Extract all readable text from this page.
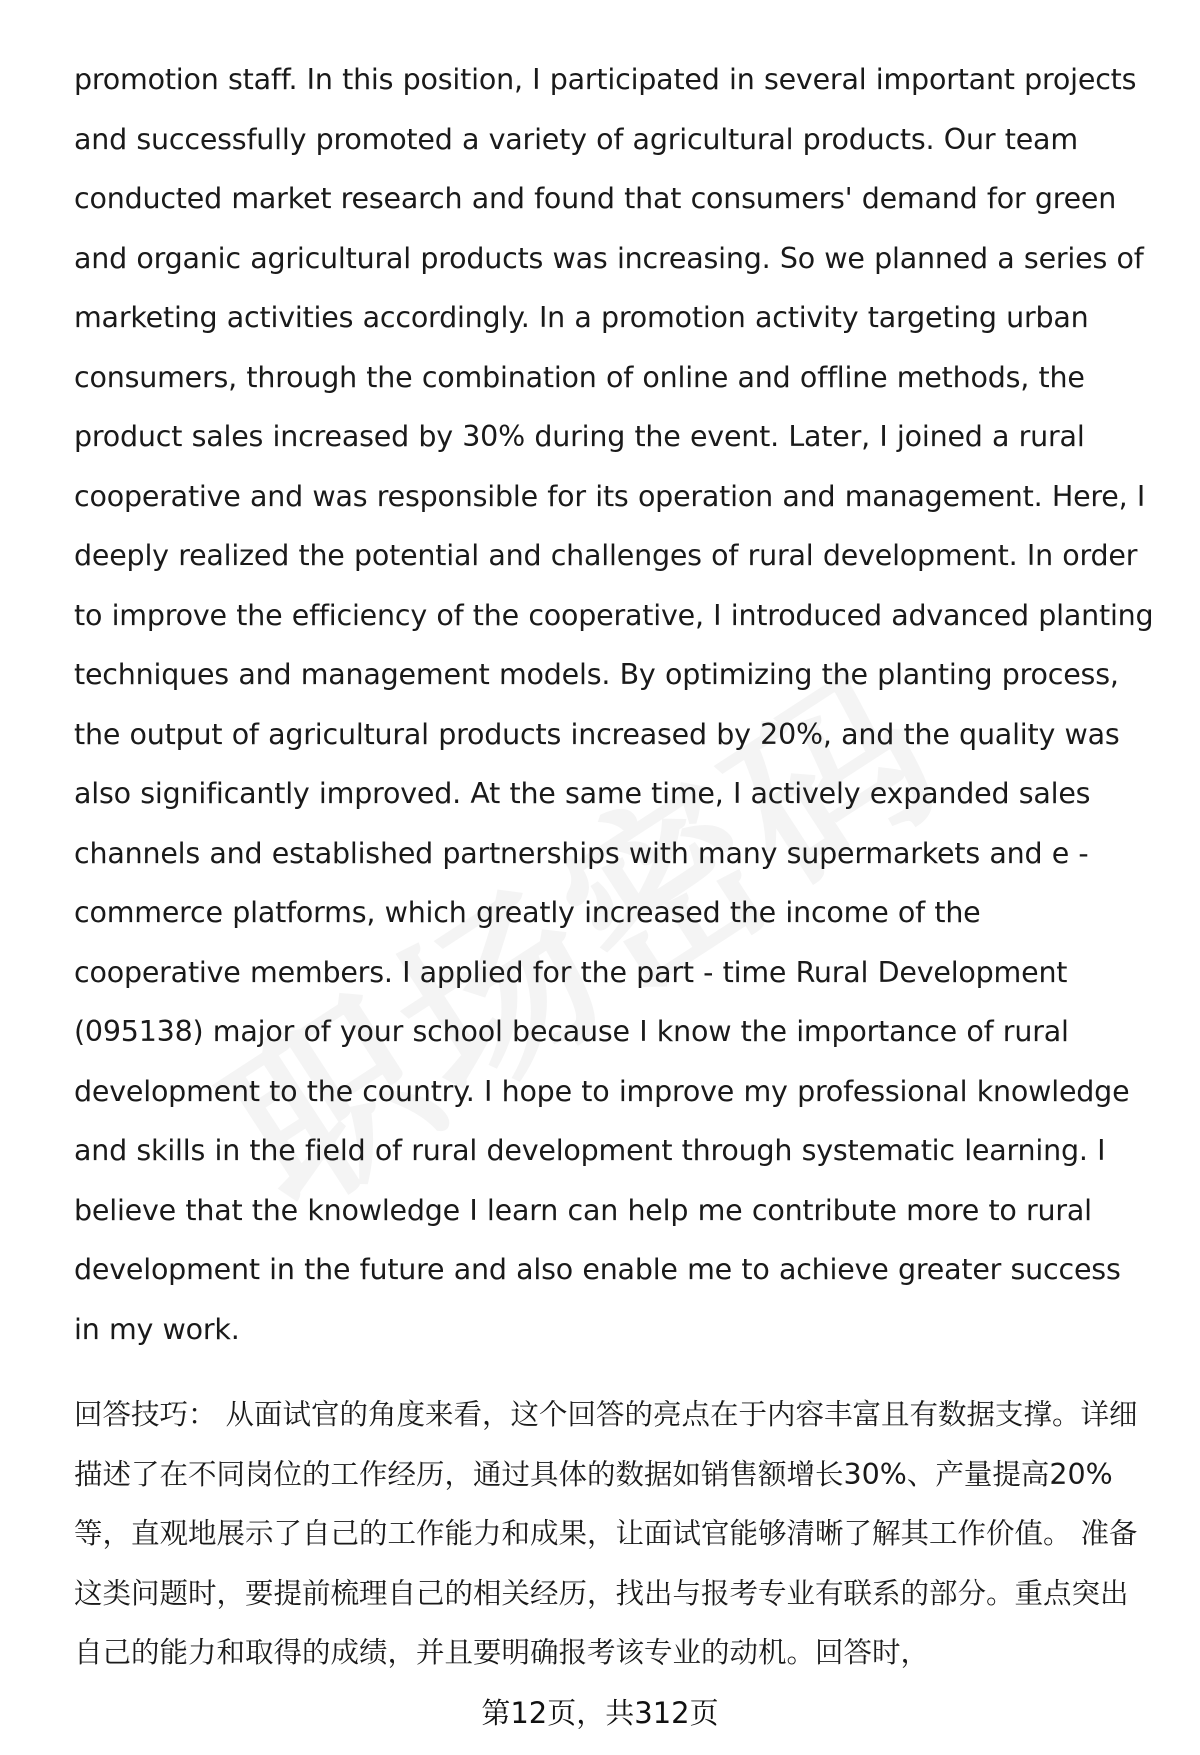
promotion staff. In this position, I participated in several important projects and successfully promoted a variety of agricultural products. Our team conducted market research and found that consumers' demand for green and organic agricultural products was increasing. So we planned a series of marketing activities accordingly. In a promotion activity targeting urban consumers, through the combination of online and offline methods, the product sales increased by 30% during the event. Later, I joined a rural cooperative and was responsible for its operation and management. Here, I deeply realized the potential and challenges of rural development. In order to improve the efficiency of the cooperative, I introduced advanced planting techniques and management models. By optimizing the planting process, the output of agricultural products increased by 20%, and the quality was also significantly improved. At the same time, I actively expanded sales channels and established partnerships with many supermarkets and e - commerce platforms, which greatly increased the income of the cooperative members. I applied for the part - time Rural Development (095138) major of your school because I know the importance of rural development to the country. I hope to improve my professional knowledge and skills in the field of rural development through systematic learning. I believe that the knowledge I learn can help me contribute more to rural development in the future and also enable me to achieve greater success in my work.

回答技巧： 从面试官的角度来看，这个回答的亮点在于内容丰富且有数据支撑。详细描述了在不同岗位的工作经历，通过具体的数据如销售额增长30%、产量提高20%等，直观地展示了自己的工作能力和成果，让面试官能够清晰了解其工作价值。 准备这类问题时，要提前梳理自己的相关经历，找出与报考专业有联系的部分。重点突出自己的能力和取得的成绩，并且要明确报考该专业的动机。回答时，

第12页，共312页
